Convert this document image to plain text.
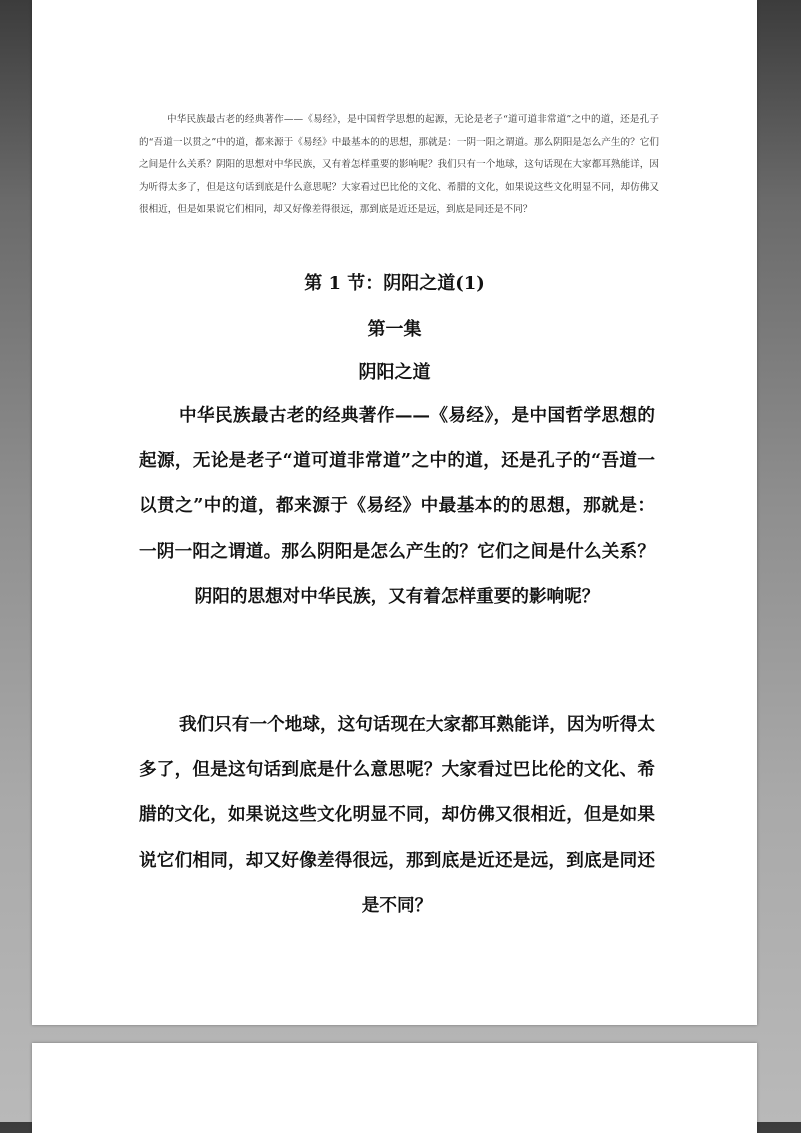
中华民族最古老的经典著作——《易经》，是中国哲学思想的起源，无论是老子“道可道非常道”之中的道，还是孔子的“吾道一以贯之”中的道，都来源于《易经》中最基本的的思想，那就是：一阴一阳之谓道。那么阴阳是怎么产生的？它们之间是什么关系？阴阳的思想对中华民族，又有着怎样重要的影响呢？我们只有一个地球，这句话现在大家都耳熟能详，因为听得太多了，但是这句话到底是什么意思呢？大家看过巴比伦的文化、希腊的文化，如果说这些文化明显不同，却仿佛又很相近，但是如果说它们相同，却又好像差得很远，那到底是近还是远，到底是同还是不同？

第 1 节：阴阳之道(1)
第一集
阴阳之道

中华民族最古老的经典著作——《易经》，是中国哲学思想的起源，无论是老子“道可道非常道”之中的道，还是孔子的“吾道一以贯之”中的道，都来源于《易经》中最基本的的思想，那就是：一阴一阳之谓道。那么阴阳是怎么产生的？它们之间是什么关系？阴阳的思想对中华民族，又有着怎样重要的影响呢？

我们只有一个地球，这句话现在大家都耳熟能详，因为听得太多了，但是这句话到底是什么意思呢？大家看过巴比伦的文化、希腊的文化，如果说这些文化明显不同，却仿佛又很相近，但是如果说它们相同，却又好像差得很远，那到底是近还是远，到底是同还是不同？
